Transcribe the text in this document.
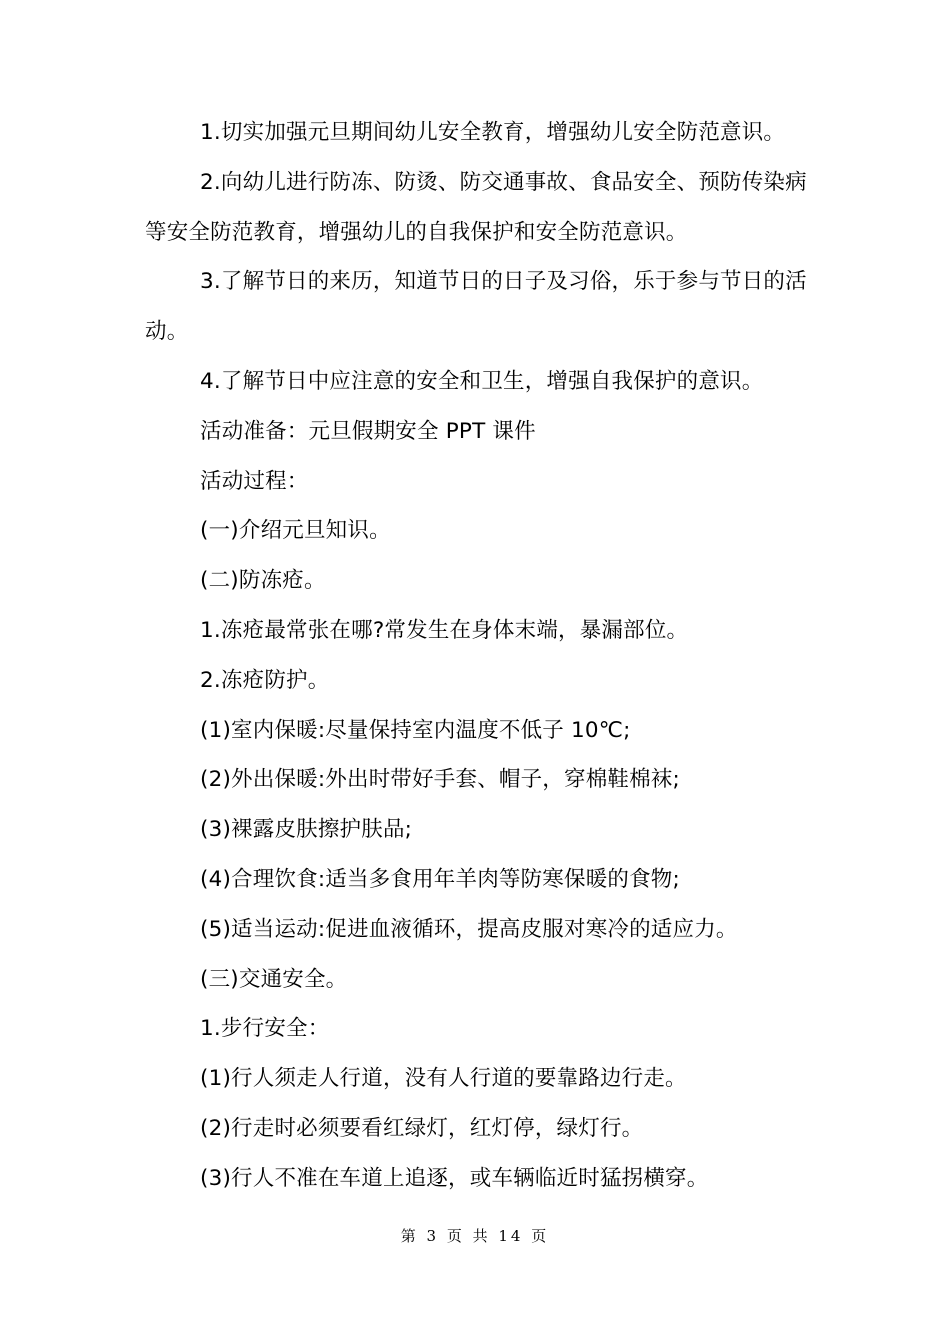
1.切实加强元旦期间幼儿安全教育，增强幼儿安全防范意识。

2.向幼儿进行防冻、防烫、防交通事故、食品安全、预防传染病等安全防范教育，增强幼儿的自我保护和安全防范意识。

3.了解节日的来历，知道节日的日子及习俗，乐于参与节日的活动。

4.了解节日中应注意的安全和卫生，增强自我保护的意识。

活动准备：元旦假期安全 PPT 课件

活动过程：

(一)介绍元旦知识。

(二)防冻疮。

1.冻疮最常张在哪?常发生在身体末端，暴漏部位。

2.冻疮防护。

(1)室内保暖:尽量保持室内温度不低子 10℃;

(2)外出保暖:外出时带好手套、帽子，穿棉鞋棉袜;

(3)裸露皮肤擦护肤品;

(4)合理饮食:适当多食用年羊肉等防寒保暖的食物;

(5)适当运动:促进血液循环，提高皮服对寒冷的适应力。

(三)交通安全。

1.步行安全：

(1)行人须走人行道，没有人行道的要靠路边行走。

(2)行走时必须要看红绿灯，红灯停，绿灯行。

(3)行人不准在车道上追逐，或车辆临近时猛拐横穿。

第 3 页 共 14 页
